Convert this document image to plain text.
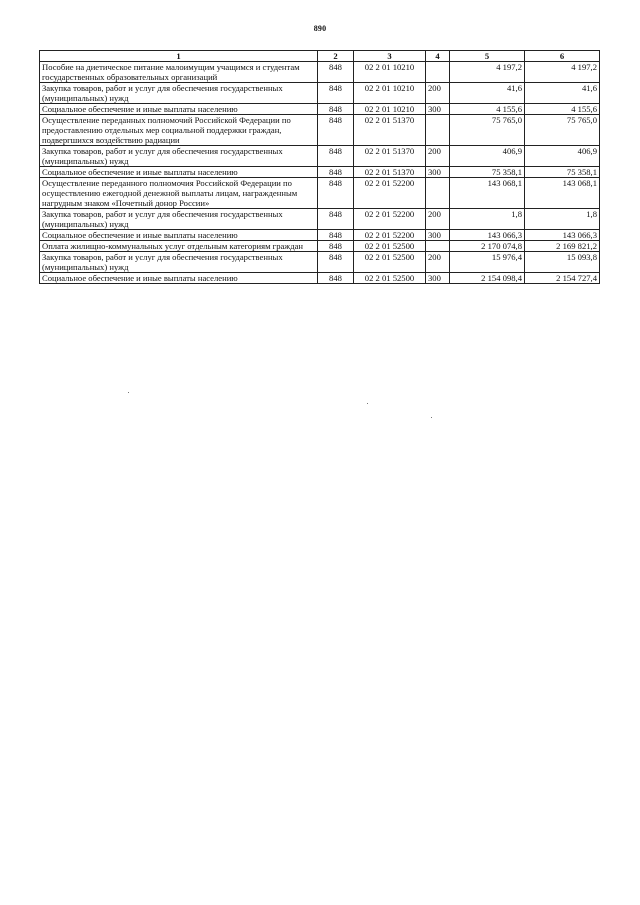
890
1	2	3	4	5	6
Пособие на диетическое питание малоимущим учащимся и студентам государственных образовательных организаций	848	02 2 01 10210		4 197,2	4 197,2
Закупка товаров, работ и услуг для обеспечения государственных (муниципальных) нужд	848	02 2 01 10210	200	41,6	41,6
Социальное обеспечение и иные выплаты населению	848	02 2 01 10210	300	4 155,6	4 155,6
Осуществление переданных полномочий Российской Федерации по предоставлению отдельных мер социальной поддержки граждан, подвергшихся воздействию радиации	848	02 2 01 51370		75 765,0	75 765,0
Закупка товаров, работ и услуг для обеспечения государственных (муниципальных) нужд	848	02 2 01 51370	200	406,9	406,9
Социальное обеспечение и иные выплаты населению	848	02 2 01 51370	300	75 358,1	75 358,1
Осуществление переданного полномочия Российской Федерации по осуществлению ежегодной денежной выплаты лицам, награжденным нагрудным знаком «Почетный донор России»	848	02 2 01 52200		143 068,1	143 068,1
Закупка товаров, работ и услуг для обеспечения государственных (муниципальных) нужд	848	02 2 01 52200	200	1,8	1,8
Социальное обеспечение и иные выплаты населению	848	02 2 01 52200	300	143 066,3	143 066,3
Оплата жилищно-коммунальных услуг отдельным категориям граждан	848	02 2 01 52500		2 170 074,8	2 169 821,2
Закупка товаров, работ и услуг для обеспечения государственных (муниципальных) нужд	848	02 2 01 52500	200	15 976,4	15 093,8
Социальное обеспечение и иные выплаты населению	848	02 2 01 52500	300	2 154 098,4	2 154 727,4
